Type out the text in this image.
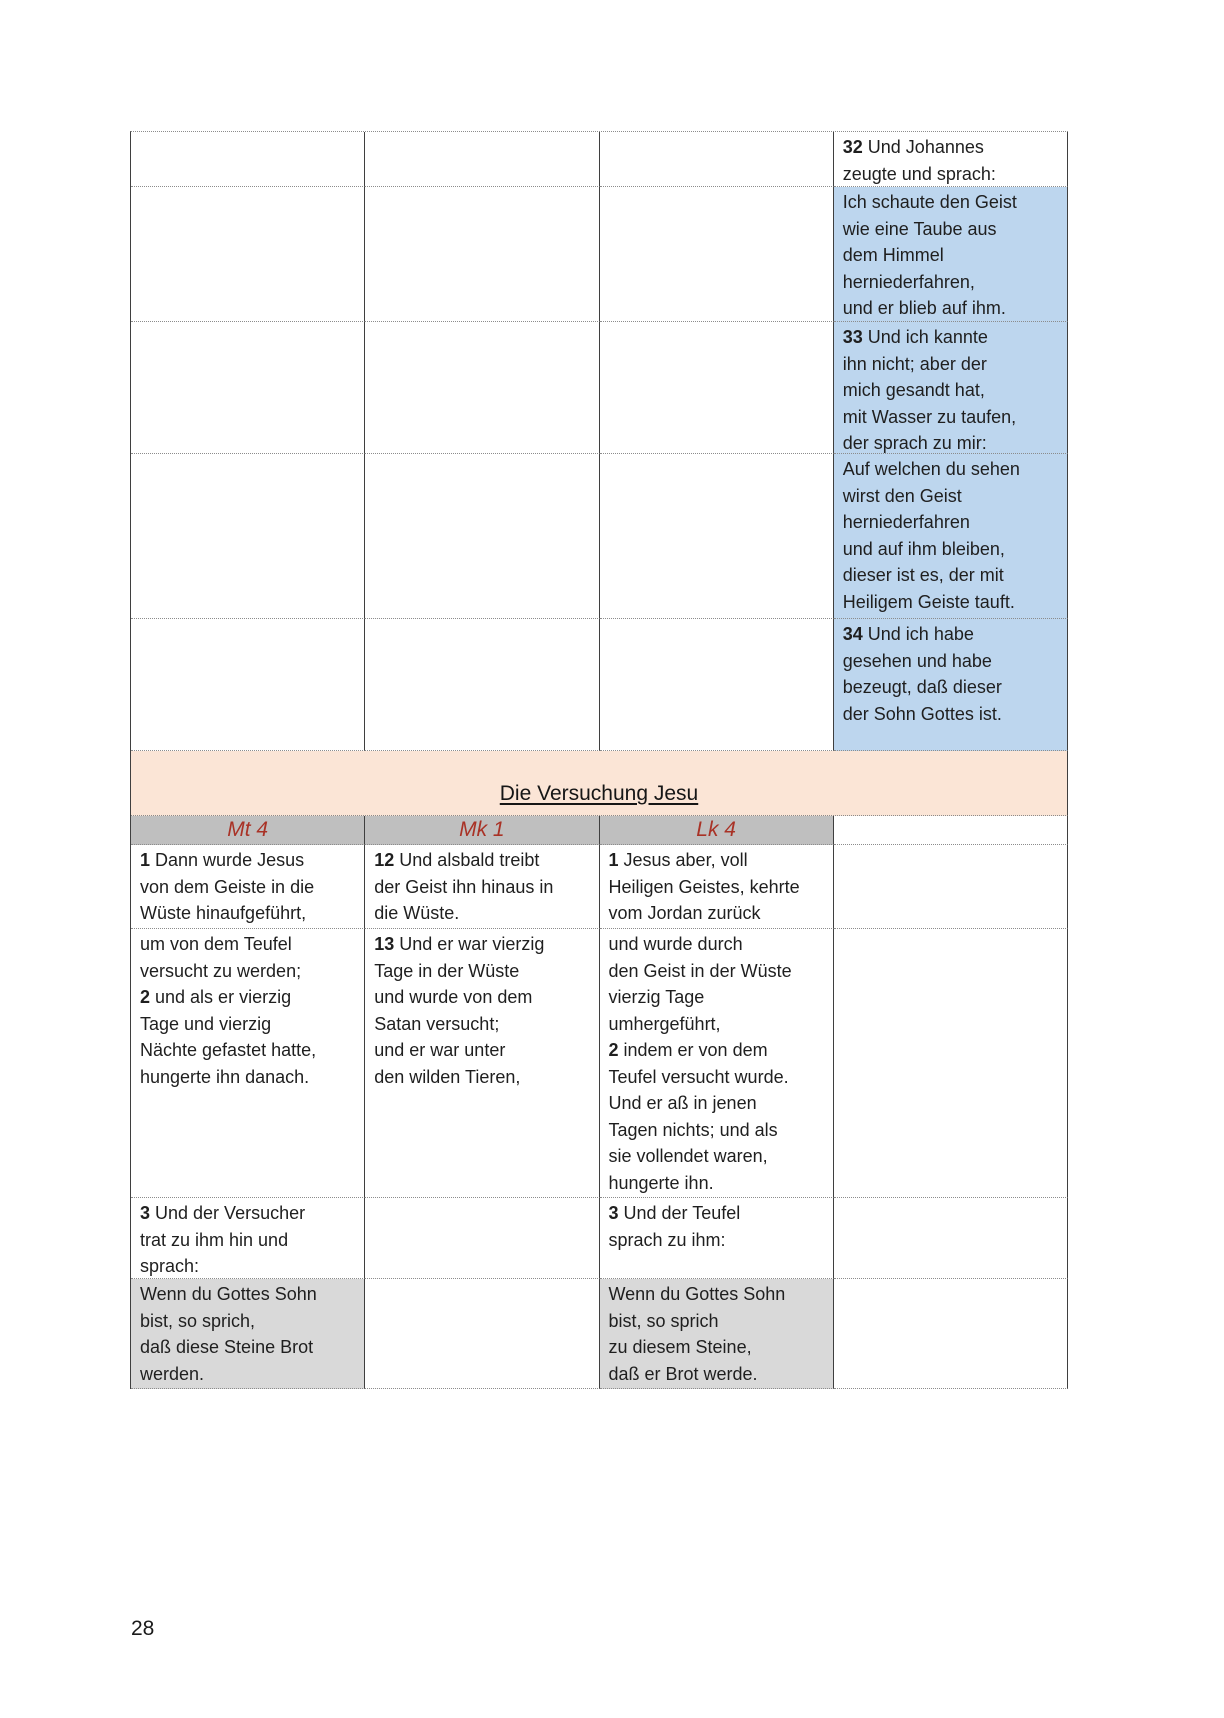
32 Und Johannes
zeugte und sprach:
Ich schaute den Geist
wie eine Taube aus
dem Himmel
herniederfahren,
und er blieb auf ihm.
33 Und ich kannte
ihn nicht; aber der
mich gesandt hat,
mit Wasser zu taufen,
der sprach zu mir:
Auf welchen du sehen
wirst den Geist
herniederfahren
und auf ihm bleiben,
dieser ist es, der mit
Heiligem Geiste tauft.
34 Und ich habe
gesehen und habe
bezeugt, daß dieser
der Sohn Gottes ist.
Die Versuchung Jesu
Mt 4	Mk 1	Lk 4
1 Dann wurde Jesus
von dem Geiste in die
Wüste hinaufgeführt,
12 Und alsbald treibt
der Geist ihn hinaus in
die Wüste.
1 Jesus aber, voll
Heiligen Geistes, kehrte
vom Jordan zurück
um von dem Teufel
versucht zu werden;
2 und als er vierzig
Tage und vierzig
Nächte gefastet hatte,
hungerte ihn danach.
13 Und er war vierzig
Tage in der Wüste
und wurde von dem
Satan versucht;
und er war unter
den wilden Tieren,
und wurde durch
den Geist in der Wüste
vierzig Tage
umhergeführt,
2 indem er von dem
Teufel versucht wurde.
Und er aß in jenen
Tagen nichts; und als
sie vollendet waren,
hungerte ihn.
3 Und der Versucher
trat zu ihm hin und
sprach:
3 Und der Teufel
sprach zu ihm:
Wenn du Gottes Sohn
bist, so sprich,
daß diese Steine Brot
werden.
Wenn du Gottes Sohn
bist, so sprich
zu diesem Steine,
daß er Brot werde.
28
